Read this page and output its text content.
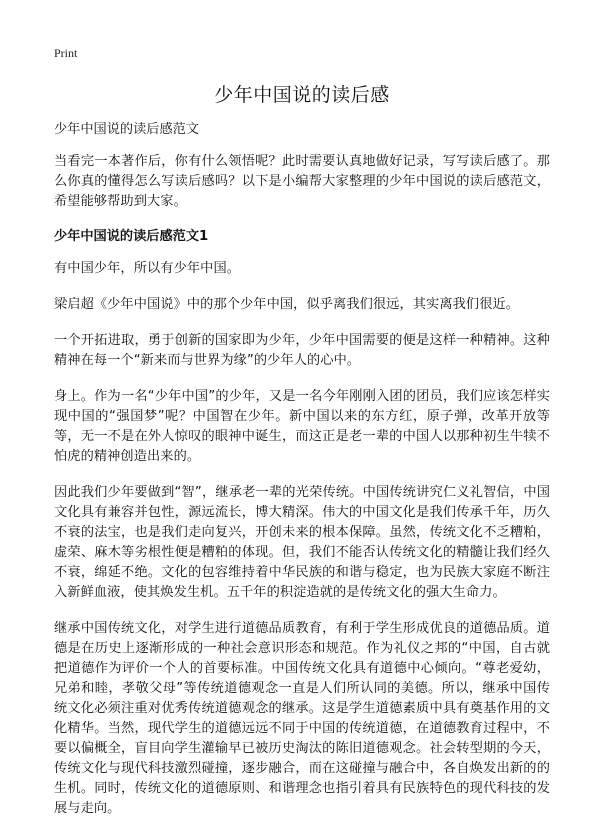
Print
少年中国说的读后感
少年中国说的读后感范文

当看完一本著作后，你有什么领悟呢？此时需要认真地做好记录，写写读后感了。那么你真的懂得怎么写读后感吗？以下是小编帮大家整理的少年中国说的读后感范文，希望能够帮助到大家。

少年中国说的读后感范文1

有中国少年，所以有少年中国。

梁启超《少年中国说》中的那个少年中国，似乎离我们很远，其实离我们很近。

一个开拓进取，勇于创新的国家即为少年，少年中国需要的便是这样一种精神。这种精神在每一个“新来而与世界为缘”的少年人的心中。

身上。作为一名“少年中国”的少年，又是一名今年刚刚入团的团员，我们应该怎样实现中国的“强国梦”呢？中国智在少年。新中国以来的东方红，原子弹，改革开放等等，无一不是在外人惊叹的眼神中诞生，而这正是老一辈的中国人以那种初生牛犊不怕虎的精神创造出来的。

因此我们少年要做到“智”，继承老一辈的光荣传统。中国传统讲究仁义礼智信，中国文化具有兼容并包性，源远流长，博大精深。伟大的中国文化是我们传承千年，历久不衰的法宝，也是我们走向复兴，开创未来的根本保障。虽然，传统文化不乏糟粕，虚荣、麻木等劣根性便是糟粕的体现。但，我们不能否认传统文化的精髓让我们经久不衰，绵延不绝。文化的包容维持着中华民族的和谐与稳定，也为民族大家庭不断注入新鲜血液，使其焕发生机。五千年的积淀造就的是传统文化的强大生命力。

继承中国传统文化，对学生进行道德品质教育，有利于学生形成优良的道德品质。道德是在历史上逐渐形成的一种社会意识形态和规范。作为礼仪之邦的“中国，自古就把道德作为评价一个人的首要标准。中国传统文化具有道德中心倾向。“尊老爱幼，兄弟和睦，孝敬父母”等传统道德观念一直是人们所认同的美德。所以，继承中国传统文化必须注重对优秀传统道德观念的继承。这是学生道德素质中具有奠基作用的文化精华。当然，现代学生的道德远远不同于中国的传统道德，在道德教育过程中，不要以偏概全，盲目向学生灌输早已被历史淘汰的陈旧道德观念。社会转型期的今天，传统文化与现代科技激烈碰撞，逐步融合，而在这碰撞与融合中，各自焕发出新的的生机。同时，传统文化的道德原则、和谐理念也指引着具有民族特色的现代科技的发展与走向。
